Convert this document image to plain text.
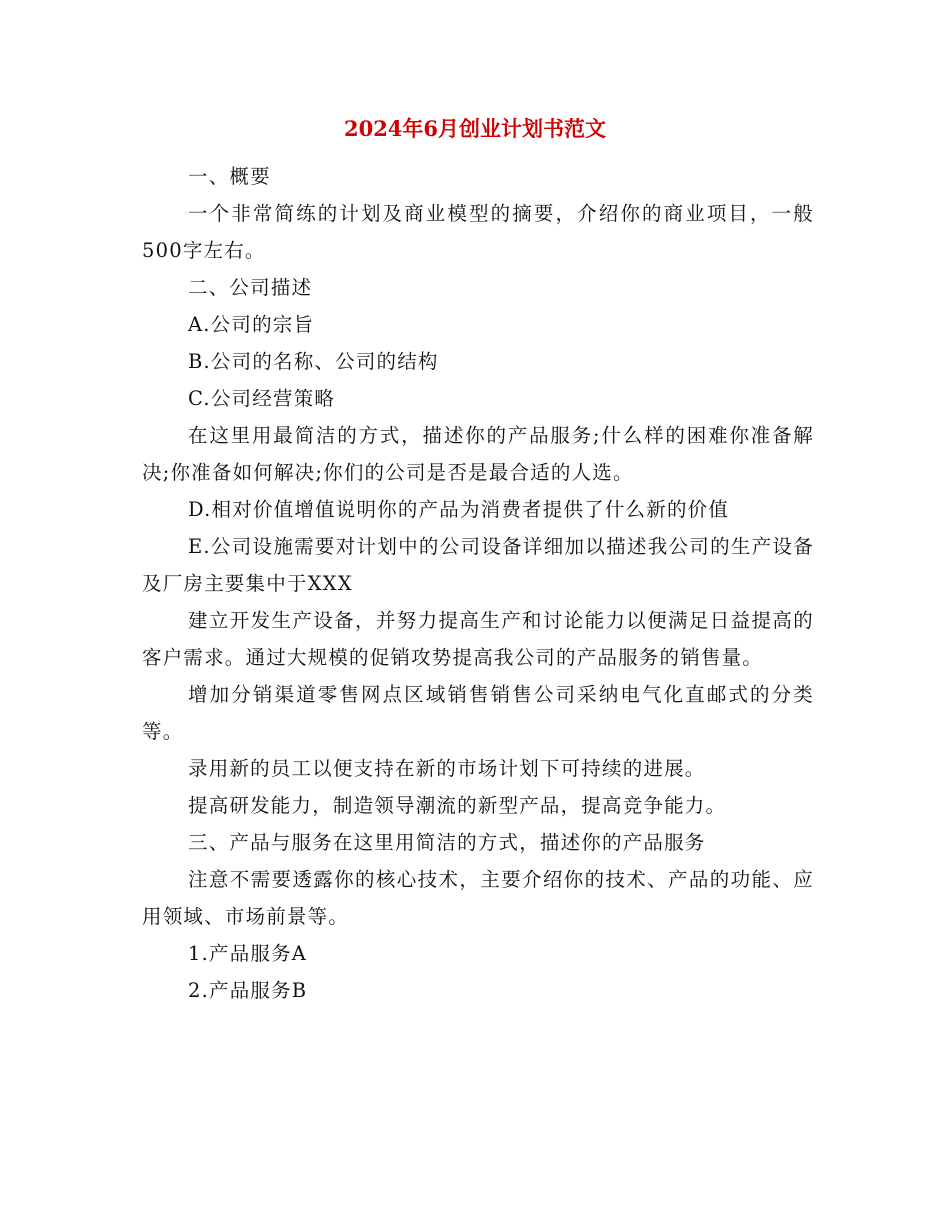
2024年6月创业计划书范文

一、概要

一个非常简练的计划及商业模型的摘要，介绍你的商业项目，一般500字左右。

二、公司描述

A.公司的宗旨

B.公司的名称、公司的结构

C.公司经营策略

在这里用最简洁的方式，描述你的产品服务;什么样的困难你准备解决;你准备如何解决;你们的公司是否是最合适的人选。

D.相对价值增值说明你的产品为消费者提供了什么新的价值

E.公司设施需要对计划中的公司设备详细加以描述我公司的生产设备及厂房主要集中于XXX

建立开发生产设备，并努力提高生产和讨论能力以便满足日益提高的客户需求。通过大规模的促销攻势提高我公司的产品服务的销售量。

增加分销渠道零售网点区域销售销售公司采纳电气化直邮式的分类等。

录用新的员工以便支持在新的市场计划下可持续的进展。

提高研发能力，制造领导潮流的新型产品，提高竞争能力。

三、产品与服务在这里用简洁的方式，描述你的产品服务

注意不需要透露你的核心技术，主要介绍你的技术、产品的功能、应用领域、市场前景等。

1.产品服务A

2.产品服务B
